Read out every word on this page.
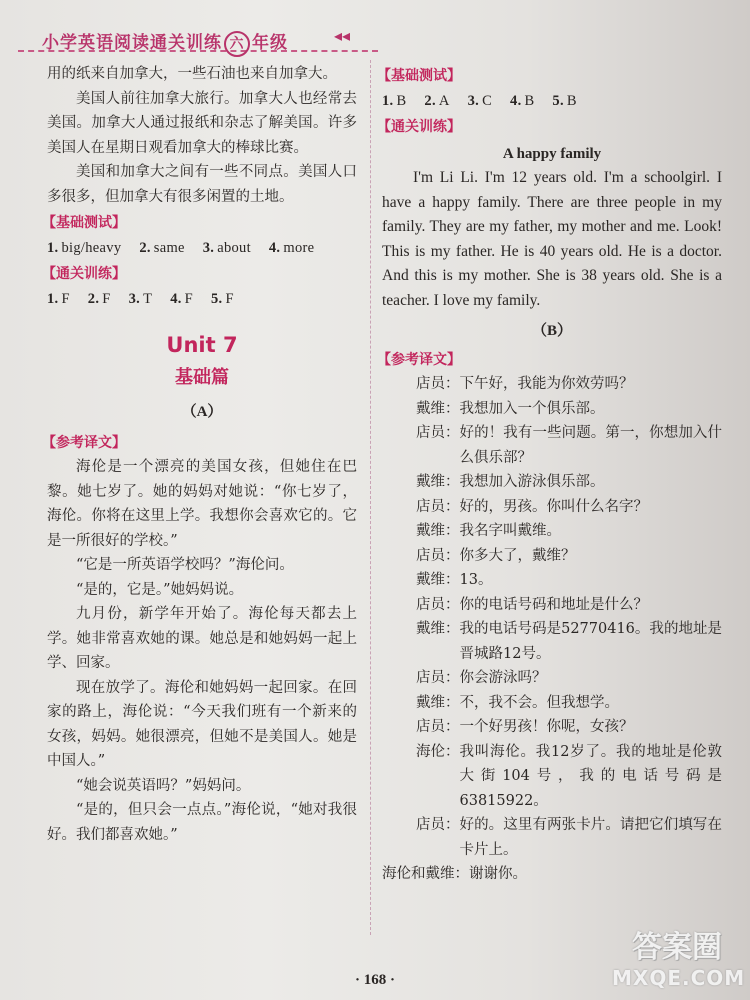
小学英语阅读通关训练 六 年级	◂◂

用的纸来自加拿大，一些石油也来自加拿大。

美国人前往加拿大旅行。加拿大人也经常去美国。加拿大人通过报纸和杂志了解美国。许多美国人在星期日观看加拿大的棒球比赛。

美国和加拿大之间有一些不同点。美国人口多很多，但加拿大有很多闲置的土地。

【基础测试】
1. big/heavy 2. same 3. about 4. more
【通关训练】
1. F 2. F 3. T 4. F 5. F
Unit 7
基础篇
（A）
【参考译文】

海伦是一个漂亮的美国女孩，但她住在巴黎。她七岁了。她的妈妈对她说：“你七岁了，海伦。你将在这里上学。我想你会喜欢它的。它是一所很好的学校。”

“它是一所英语学校吗？”海伦问。

“是的，它是。”她妈妈说。

九月份，新学年开始了。海伦每天都去上学。她非常喜欢她的课。她总是和她妈妈一起上学、回家。

现在放学了。海伦和她妈妈一起回家。在回家的路上，海伦说：“今天我们班有一个新来的女孩，妈妈。她很漂亮，但她不是美国人。她是中国人。”

“她会说英语吗？”妈妈问。

“是的，但只会一点点。”海伦说，“她对我很好。我们都喜欢她。”

【基础测试】
1. B 2. A 3. C 4. B 5. B
【通关训练】
A happy family

I'm Li Li. I'm 12 years old. I'm a schoolgirl. I have a happy family. There are three people in my family. They are my father, my mother and me. Look! This is my father. He is 40 years old. He is a doctor. And this is my mother. She is 38 years old. She is a teacher. I love my family.

（B）
【参考译文】
店员： 下午好，我能为你效劳吗？
戴维： 我想加入一个俱乐部。
店员： 好的！我有一些问题。第一，你想加入什么俱乐部？
戴维： 我想加入游泳俱乐部。
店员： 好的，男孩。你叫什么名字？
戴维： 我名字叫戴维。
店员： 你多大了，戴维？
戴维： 13。
店员： 你的电话号码和地址是什么？
戴维： 我的电话号码是52770416。我的地址是晋城路12号。
店员： 你会游泳吗？
戴维： 不，我不会。但我想学。
店员： 一个好男孩！你呢，女孩？
海伦： 我叫海伦。我12岁了。我的地址是伦敦大街104号，我的电话号码是63815922。
店员： 好的。这里有两张卡片。请把它们填写在卡片上。
海伦和戴维： 谢谢你。
· 168 ·
答案圈
MXQE.COM
